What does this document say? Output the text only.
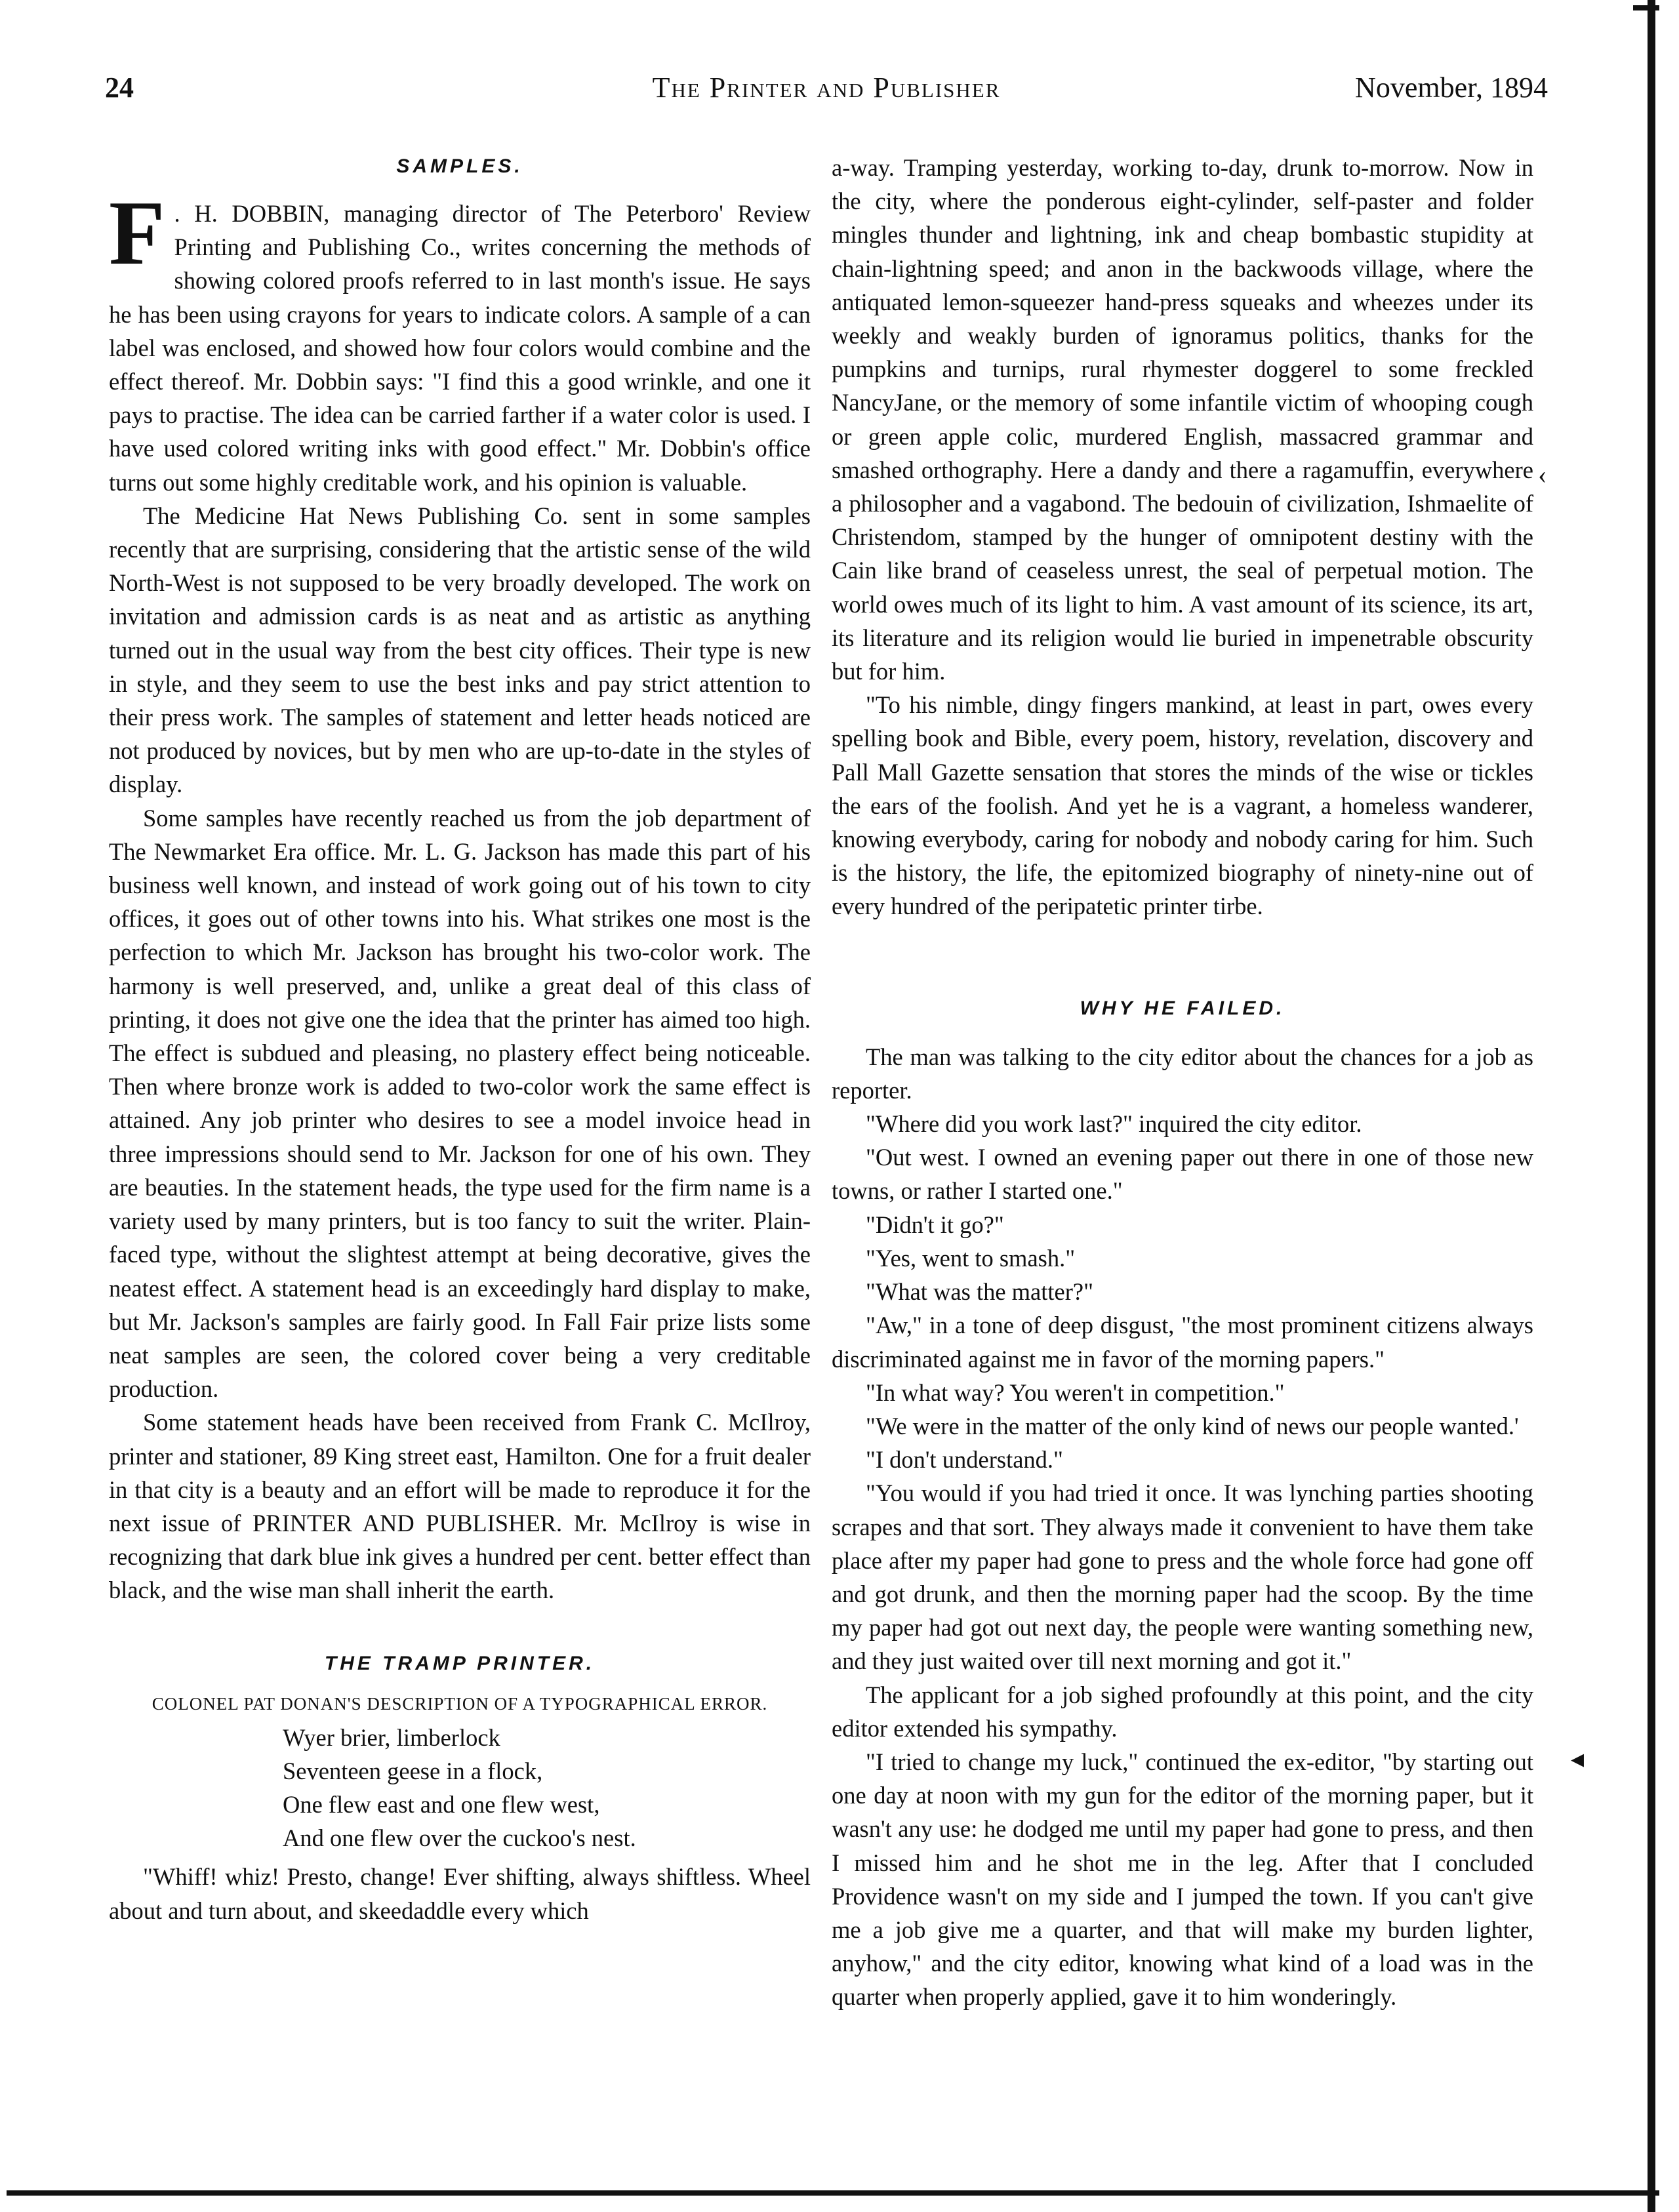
‹
◂
24	The Printer and Publisher	November, 1894
SAMPLES.

F . H. DOBBIN, managing director of The Peterboro' Review Printing and Publishing Co., writes concerning the methods of showing colored proofs referred to in last month's issue. He says he has been using crayons for years to indicate colors. A sample of a can label was enclosed, and showed how four colors would combine and the effect thereof. Mr. Dobbin says: "I find this a good wrinkle, and one it pays to practise. The idea can be carried farther if a water color is used. I have used colored writing inks with good effect." Mr. Dobbin's office turns out some highly creditable work, and his opinion is valuable.

The Medicine Hat News Publishing Co. sent in some samples recently that are surprising, considering that the artistic sense of the wild North-West is not supposed to be very broadly developed. The work on invitation and admission cards is as neat and as artistic as anything turned out in the usual way from the best city offices. Their type is new in style, and they seem to use the best inks and pay strict attention to their press work. The samples of statement and letter heads noticed are not produced by novices, but by men who are up-to-date in the styles of display.

Some samples have recently reached us from the job department of The Newmarket Era office. Mr. L. G. Jackson has made this part of his business well known, and instead of work going out of his town to city offices, it goes out of other towns into his. What strikes one most is the perfection to which Mr. Jackson has brought his two-color work. The harmony is well preserved, and, unlike a great deal of this class of printing, it does not give one the idea that the printer has aimed too high. The effect is subdued and pleasing, no plastery effect being noticeable. Then where bronze work is added to two-color work the same effect is attained. Any job printer who desires to see a model invoice head in three impressions should send to Mr. Jackson for one of his own. They are beauties. In the statement heads, the type used for the firm name is a variety used by many printers, but is too fancy to suit the writer. Plain-faced type, without the slightest attempt at being decorative, gives the neatest effect. A statement head is an exceedingly hard display to make, but Mr. Jackson's samples are fairly good. In Fall Fair prize lists some neat samples are seen, the colored cover being a very creditable production.

Some statement heads have been received from Frank C. McIlroy, printer and stationer, 89 King street east, Hamilton. One for a fruit dealer in that city is a beauty and an effort will be made to reproduce it for the next issue of PRINTER AND PUBLISHER. Mr. McIlroy is wise in recognizing that dark blue ink gives a hundred per cent. better effect than black, and the wise man shall inherit the earth.

THE TRAMP PRINTER.
COLONEL PAT DONAN'S DESCRIPTION OF A TYPOGRAPHICAL ERROR.
Wyer brier, limberlock
Seventeen geese in a flock,
One flew east and one flew west,
And one flew over the cuckoo's nest.

"Whiff! whiz! Presto, change! Ever shifting, always shiftless. Wheel about and turn about, and skeedaddle every which

a-way. Tramping yesterday, working to-day, drunk to-morrow. Now in the city, where the ponderous eight-cylinder, self-paster and folder mingles thunder and lightning, ink and cheap bombastic stupidity at chain-lightning speed; and anon in the backwoods village, where the antiquated lemon-squeezer hand-press squeaks and wheezes under its weekly and weakly burden of ignoramus politics, thanks for the pumpkins and turnips, rural rhymester doggerel to some freckled NancyJane, or the memory of some infantile victim of whooping cough or green apple colic, murdered English, massacred grammar and smashed orthography. Here a dandy and there a ragamuffin, everywhere a philosopher and a vagabond. The bedouin of civilization, Ishmaelite of Christendom, stamped by the hunger of omnipotent destiny with the Cain like brand of ceaseless unrest, the seal of perpetual motion. The world owes much of its light to him. A vast amount of its science, its art, its literature and its religion would lie buried in impenetrable obscurity but for him.

"To his nimble, dingy fingers mankind, at least in part, owes every spelling book and Bible, every poem, history, revelation, discovery and Pall Mall Gazette sensation that stores the minds of the wise or tickles the ears of the foolish. And yet he is a vagrant, a homeless wanderer, knowing everybody, caring for nobody and nobody caring for him. Such is the history, the life, the epitomized biography of ninety-nine out of every hundred of the peripatetic printer tirbe.

WHY HE FAILED.

The man was talking to the city editor about the chances for a job as reporter.

"Where did you work last?" inquired the city editor.

"Out west. I owned an evening paper out there in one of those new towns, or rather I started one."

"Didn't it go?"

"Yes, went to smash."

"What was the matter?"

"Aw," in a tone of deep disgust, "the most prominent citizens always discriminated against me in favor of the morning papers."

"In what way? You weren't in competition."

"We were in the matter of the only kind of news our people wanted.'

"I don't understand."

"You would if you had tried it once. It was lynching parties shooting scrapes and that sort. They always made it convenient to have them take place after my paper had gone to press and the whole force had gone off and got drunk, and then the morning paper had the scoop. By the time my paper had got out next day, the people were wanting something new, and they just waited over till next morning and got it."

The applicant for a job sighed profoundly at this point, and the city editor extended his sympathy.

"I tried to change my luck," continued the ex-editor, "by starting out one day at noon with my gun for the editor of the morning paper, but it wasn't any use: he dodged me until my paper had gone to press, and then I missed him and he shot me in the leg. After that I concluded Providence wasn't on my side and I jumped the town. If you can't give me a job give me a quarter, and that will make my burden lighter, anyhow," and the city editor, knowing what kind of a load was in the quarter when properly applied, gave it to him wonderingly.
